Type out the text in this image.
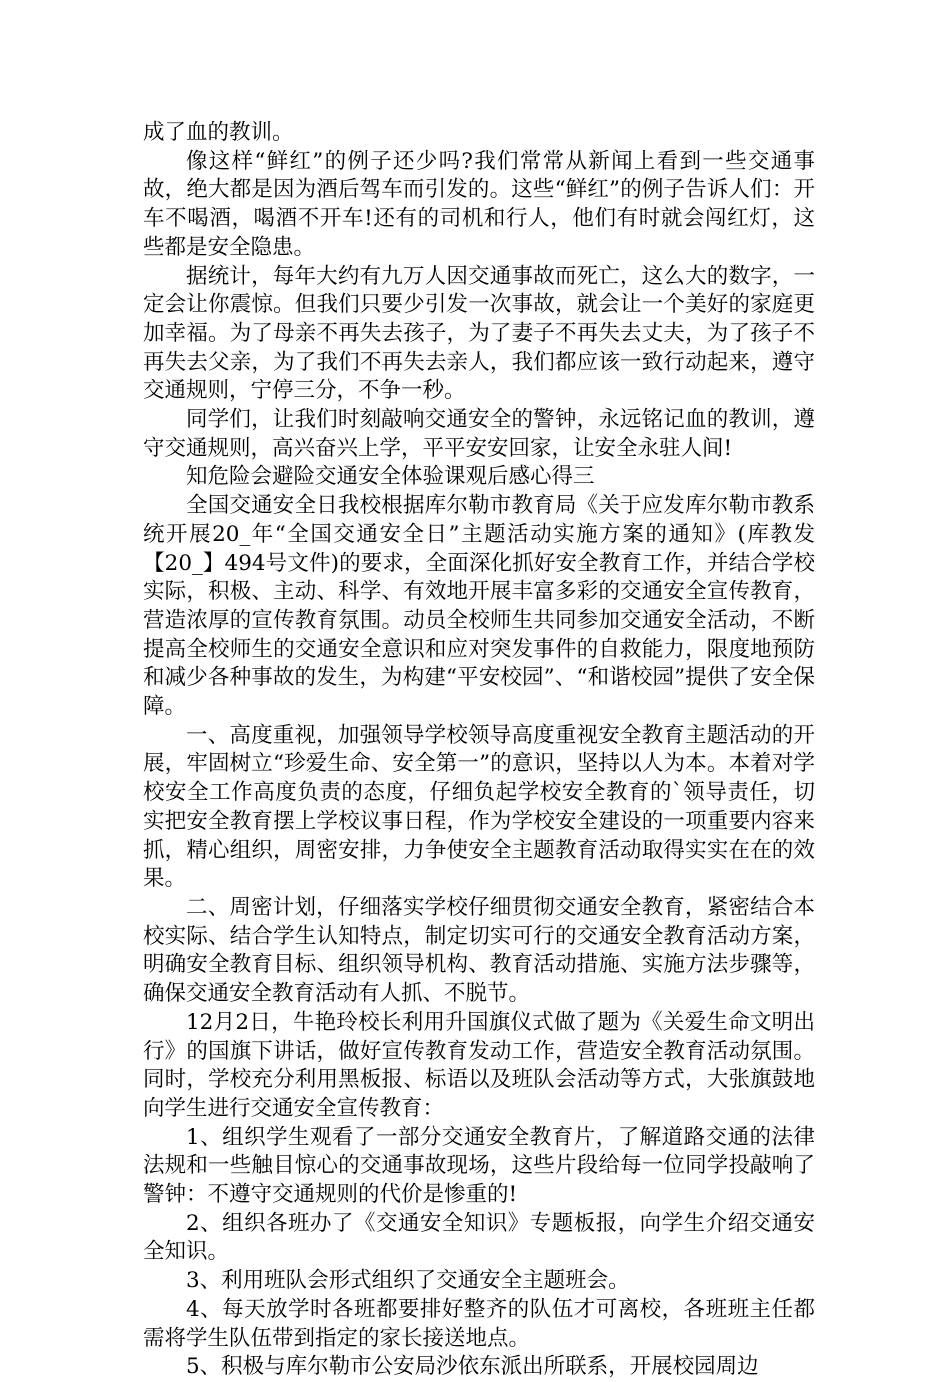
成了血的教训。

像这样“鲜红”的例子还少吗?我们常常从新闻上看到一些交通事故，绝大都是因为酒后驾车而引发的。这些“鲜红”的例子告诉人们：开车不喝酒，喝酒不开车!还有的司机和行人，他们有时就会闯红灯，这些都是安全隐患。

据统计，每年大约有九万人因交通事故而死亡，这么大的数字，一定会让你震惊。但我们只要少引发一次事故，就会让一个美好的家庭更加幸福。为了母亲不再失去孩子，为了妻子不再失去丈夫，为了孩子不再失去父亲，为了我们不再失去亲人，我们都应该一致行动起来，遵守交通规则，宁停三分，不争一秒。

同学们，让我们时刻敲响交通安全的警钟，永远铭记血的教训，遵守交通规则，高兴奋兴上学，平平安安回家，让安全永驻人间!

知危险会避险交通安全体验课观后感心得三

全国交通安全日我校根据库尔勒市教育局《关于应发库尔勒市教系统开展20_年“全国交通安全日”主题活动实施方案的通知》(库教发【20_】494号文件)的要求，全面深化抓好安全教育工作，并结合学校实际，积极、主动、科学、有效地开展丰富多彩的交通安全宣传教育，营造浓厚的宣传教育氛围。动员全校师生共同参加交通安全活动，不断提高全校师生的交通安全意识和应对突发事件的自救能力，限度地预防和减少各种事故的发生，为构建“平安校园”、“和谐校园”提供了安全保障。

一、高度重视，加强领导学校领导高度重视安全教育主题活动的开展，牢固树立“珍爱生命、安全第一”的意识，坚持以人为本。本着对学校安全工作高度负责的态度，仔细负起学校安全教育的`领导责任，切实把安全教育摆上学校议事日程，作为学校安全建设的一项重要内容来抓，精心组织，周密安排，力争使安全主题教育活动取得实实在在的效果。

二、周密计划，仔细落实学校仔细贯彻交通安全教育，紧密结合本校实际、结合学生认知特点，制定切实可行的交通安全教育活动方案，明确安全教育目标、组织领导机构、教育活动措施、实施方法步骤等，确保交通安全教育活动有人抓、不脱节。

12月2日，牛艳玲校长利用升国旗仪式做了题为《关爱生命文明出行》的国旗下讲话，做好宣传教育发动工作，营造安全教育活动氛围。同时，学校充分利用黑板报、标语以及班队会活动等方式，大张旗鼓地向学生进行交通安全宣传教育：

1、组织学生观看了一部分交通安全教育片，了解道路交通的法律法规和一些触目惊心的交通事故现场，这些片段给每一位同学投敲响了警钟：不遵守交通规则的代价是惨重的!

2、组织各班办了《交通安全知识》专题板报，向学生介绍交通安全知识。

3、利用班队会形式组织了交通安全主题班会。

4、每天放学时各班都要排好整齐的队伍才可离校，各班班主任都需将学生队伍带到指定的家长接送地点。

5、积极与库尔勒市公安局沙依东派出所联系，开展校园周边
